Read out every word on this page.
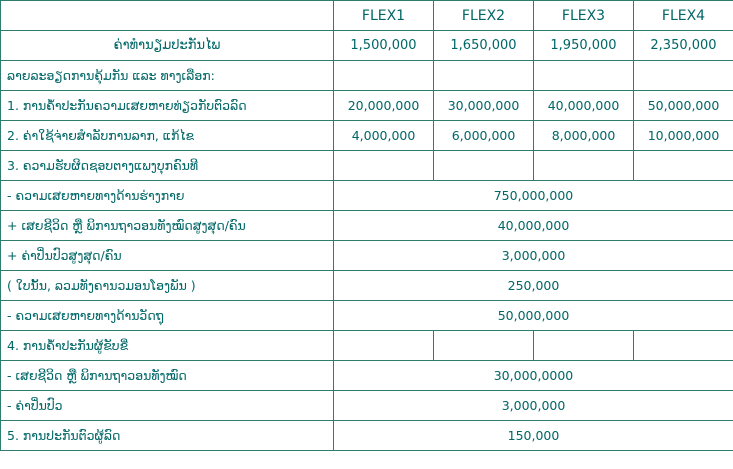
	FLEX1	FLEX2	FLEX3	FLEX4
ຄ່າທຳນຽມປະກັນໄພ	1,500,000	1,650,000	1,950,000	2,350,000
ລາຍລະອຽດການຄຸ້ມກັນ ແລະ ທາງເລືອກ:				
1. ການຄ້ຳປະກັນຄວາມເສຍຫາຍທ່ຽວກັບຕົວລົດ	20,000,000	30,000,000	40,000,000	50,000,000
2. ຄ່າໃຊ້ຈ່າຍສຳລັບການລາກ, ແກ້ໄຂ	4,000,000	6,000,000	8,000,000	10,000,000
3. ຄວາມຮັບຜິດຊອບຕາງແພງບຸກຄົນທີ				
- ຄວາມເສຍຫາຍທາງດ້ານຮ່າງກາຍ	750,000,000			
+ ເສຍຊີວິດ ຫຼື ພິການຖາວອນທັງໝົດສູງສຸດ/ຄົນ	40,000,000			
+ ຄ່າປິ່ນປົວສູງສຸດ/ຄົນ	3,000,000			
( ໃບນັ້ນ, ລວມທັງຄານວມອນໂອງພັນ )	250,000			
- ຄວາມເສຍຫາຍທາງດ້ານວັດຖຸ	50,000,000			
4. ການຄ້ຳປະກັນຜູ້ຂັບຂີ່				
- ເສຍຊີວິດ ຫຼື ພິການຖາວອນທັງໝົດ	30,000,0000			
- ຄ່າປິ່ນປົວ	3,000,000			
5. ການປະກັນຕົວຜູ້ລົດ	150,000			
